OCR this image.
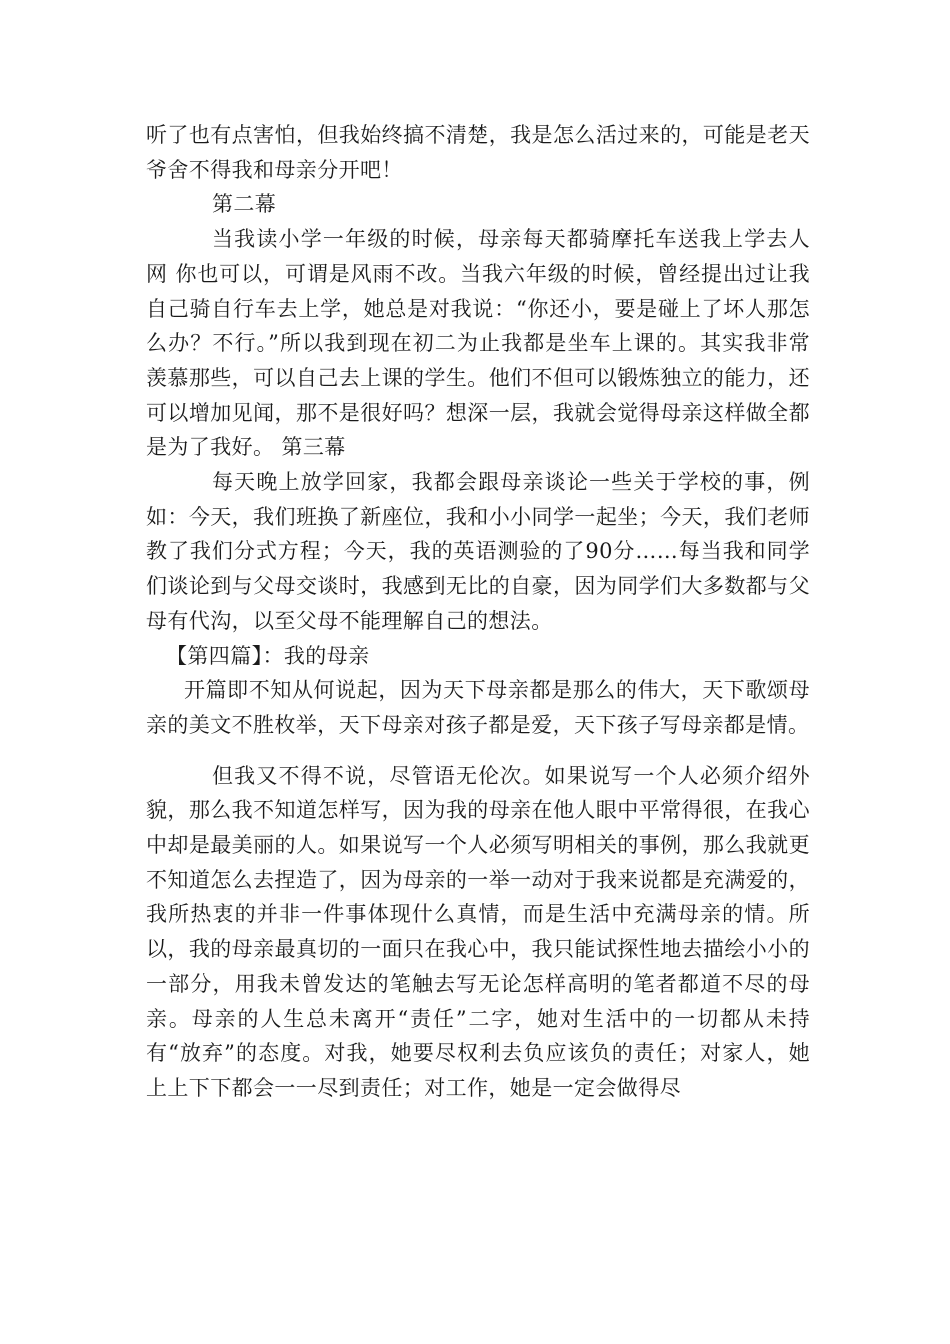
听了也有点害怕，但我始终搞不清楚，我是怎么活过来的，可能是老天爷舍不得我和母亲分开吧！

第二幕

当我读小学一年级的时候，母亲每天都骑摩托车送我上学去人网 你也可以，可谓是风雨不改。当我六年级的时候，曾经提出过让我自己骑自行车去上学，她总是对我说：“你还小，要是碰上了坏人那怎么办？不行。”所以我到现在初二为止我都是坐车上课的。其实我非常羡慕那些，可以自己去上课的学生。他们不但可以锻炼独立的能力，还可以增加见闻，那不是很好吗？想深一层，我就会觉得母亲这样做全都是为了我好。 第三幕

每天晚上放学回家，我都会跟母亲谈论一些关于学校的事，例如：今天，我们班换了新座位，我和小小同学一起坐；今天，我们老师教了我们分式方程；今天，我的英语测验的了90分……每当我和同学们谈论到与父母交谈时，我感到无比的自豪，因为同学们大多数都与父母有代沟，以至父母不能理解自己的想法。

【第四篇】：我的母亲

开篇即不知从何说起，因为天下母亲都是那么的伟大，天下歌颂母亲的美文不胜枚举，天下母亲对孩子都是爱，天下孩子写母亲都是情。

但我又不得不说，尽管语无伦次。如果说写一个人必须介绍外貌，那么我不知道怎样写，因为我的母亲在他人眼中平常得很，在我心中却是最美丽的人。如果说写一个人必须写明相关的事例，那么我就更不知道怎么去捏造了，因为母亲的一举一动对于我来说都是充满爱的，我所热衷的并非一件事体现什么真情，而是生活中充满母亲的情。所以，我的母亲最真切的一面只在我心中，我只能试探性地去描绘小小的一部分，用我未曾发达的笔触去写无论怎样高明的笔者都道不尽的母亲。母亲的人生总未离开“责任”二字，她对生活中的一切都从未持有“放弃”的态度。对我，她要尽权利去负应该负的责任；对家人，她上上下下都会一一尽到责任；对工作，她是一定会做得尽
